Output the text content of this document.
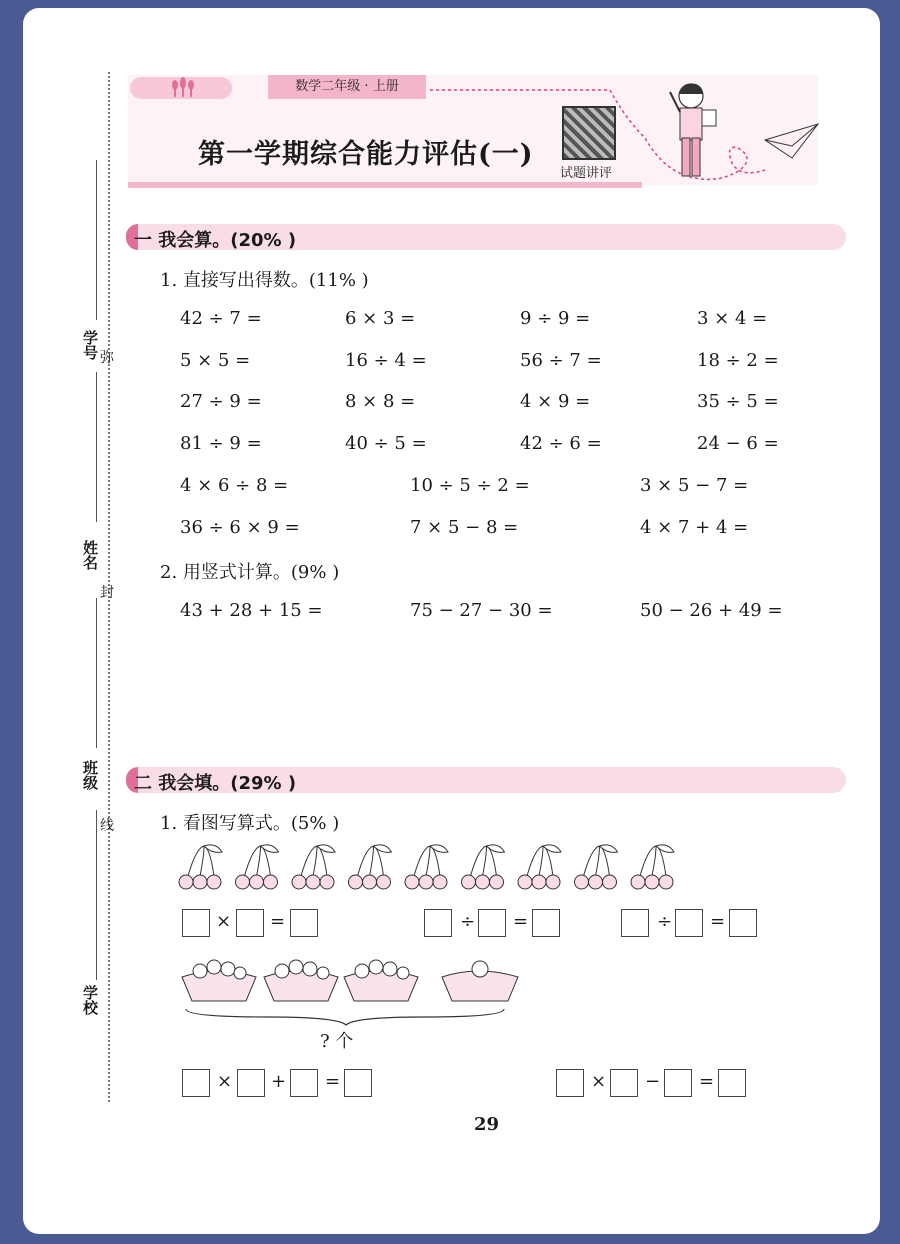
学号
姓名
班级
学校
弥
封
线
数学二年级 · 上册
第一学期综合能力评估(一)
试题讲评
一 我会算。(20% )
1. 直接写出得数。(11% )
42 ÷ 7 =	6 × 3 =	9 ÷ 9 =	3 × 4 =
5 × 5 =	16 ÷ 4 =	56 ÷ 7 =	18 ÷ 2 =
27 ÷ 9 =	8 × 8 =	4 × 9 =	35 ÷ 5 =
81 ÷ 9 =	40 ÷ 5 =	42 ÷ 6 =	24 − 6 =
4 × 6 ÷ 8 =	10 ÷ 5 ÷ 2 =	3 × 5 − 7 =
36 ÷ 6 × 9 =	7 × 5 − 8 =	4 × 7 + 4 =
2. 用竖式计算。(9% )
43 + 28 + 15 =	75 − 27 − 30 =	50 − 26 + 49 =
二 我会填。(29% )
1. 看图写算式。(5% )
× =	÷ =	÷ =
? 个
× + =	× − =
29
